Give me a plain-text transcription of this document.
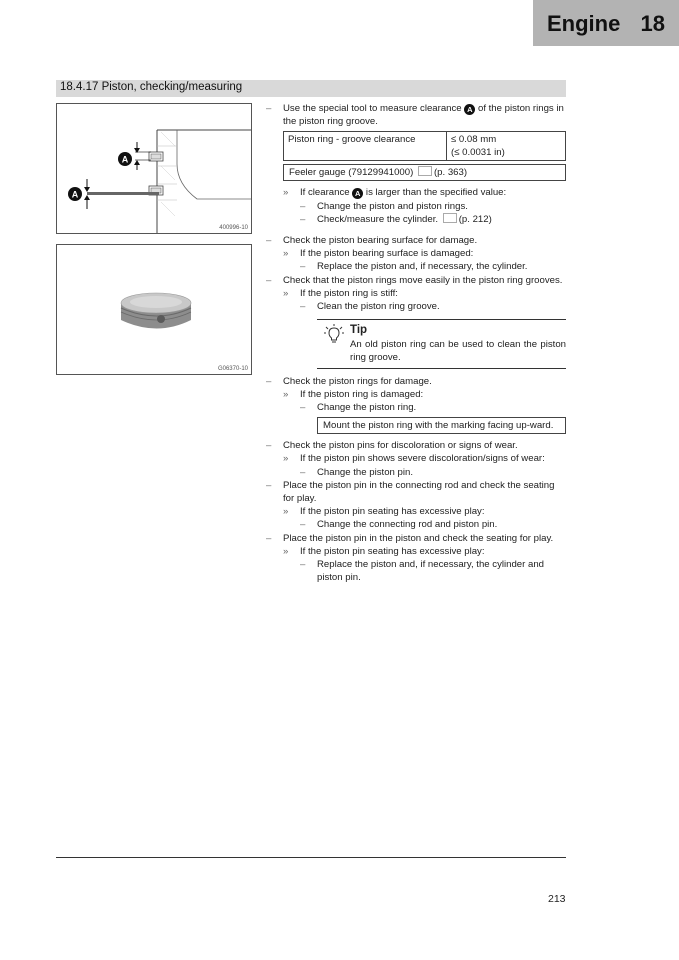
Engine 18
18.4.17 Piston, checking/measuring
A
A
400996-10
G06370-10
– Use the special tool to measure clearance A of the piston rings in the piston ring groove.
Piston ring - groove clearance	≤ 0.08 mm
(≤ 0.0031 in)
Feeler gauge (79129941000) (p. 363)
» If clearance A is larger than the specified value:
– Change the piston and piston rings.
– Check/measure the cylinder. (p. 212)
– Check the piston bearing surface for damage.
» If the piston bearing surface is damaged:
– Replace the piston and, if necessary, the cylinder.
– Check that the piston rings move easily in the piston ring grooves.
» If the piston ring is stiff:
– Clean the piston ring groove.
Tip
An old piston ring can be used to clean the piston ring groove.
– Check the piston rings for damage.
» If the piston ring is damaged:
– Change the piston ring.
Mount the piston ring with the marking facing up-ward.
– Check the piston pins for discoloration or signs of wear.
» If the piston pin shows severe discoloration/signs of wear:
– Change the piston pin.
– Place the piston pin in the connecting rod and check the seating for play.
» If the piston pin seating has excessive play:
– Change the connecting rod and piston pin.
– Place the piston pin in the piston and check the seating for play.
» If the piston pin seating has excessive play:
– Replace the piston and, if necessary, the cylinder and piston pin.
213
